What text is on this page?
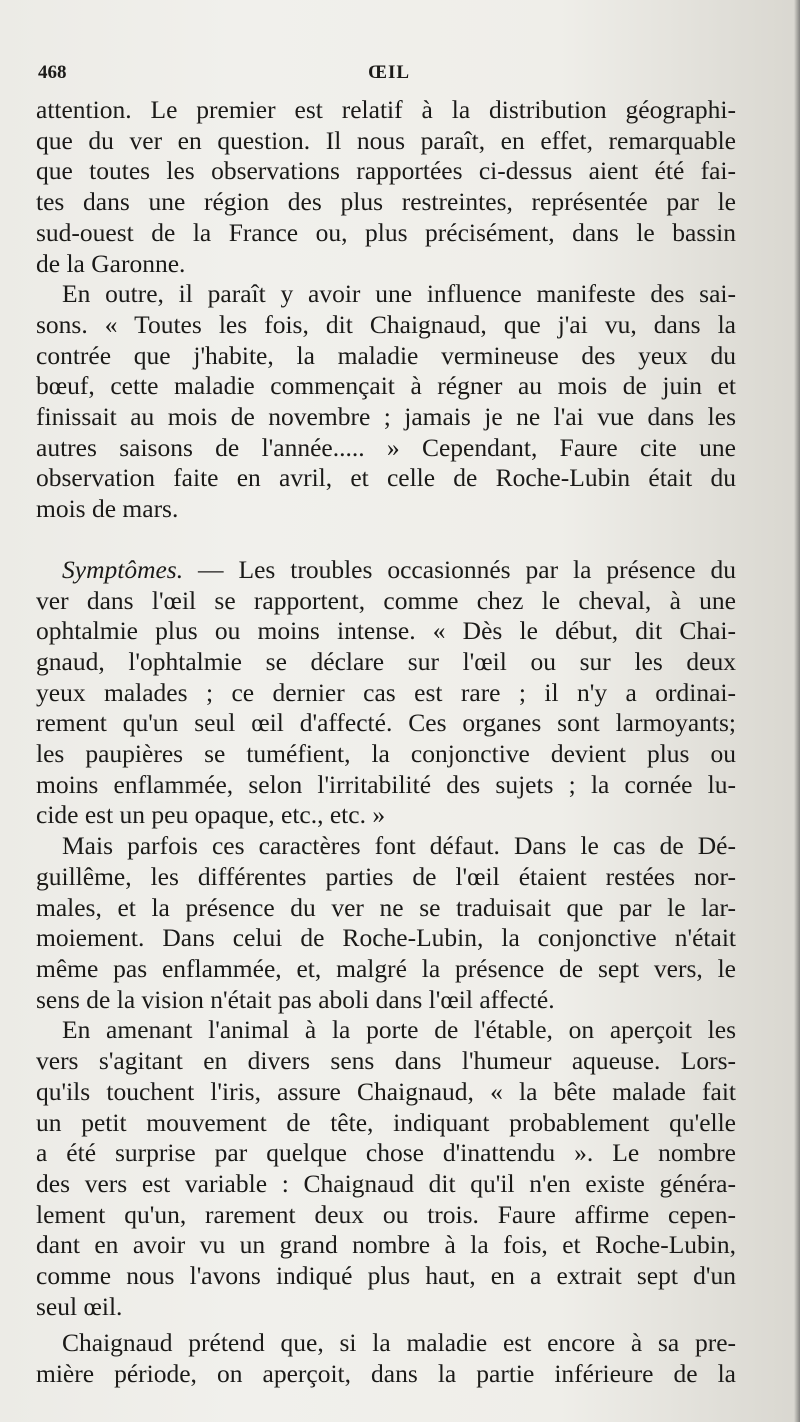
468	ŒIL

attention. Le premier est relatif à la distribution géographi-
que du ver en question. Il nous paraît, en effet, remarquable
que toutes les observations rapportées ci-dessus aient été fai-
tes dans une région des plus restreintes, représentée par le
sud-ouest de la France ou, plus précisément, dans le bassin
de la Garonne.

En outre, il paraît y avoir une influence manifeste des sai-
sons. « Toutes les fois, dit Chaignaud, que j'ai vu, dans la
contrée que j'habite, la maladie vermineuse des yeux du
bœuf, cette maladie commençait à régner au mois de juin et
finissait au mois de novembre ; jamais je ne l'ai vue dans les
autres saisons de l'année..... » Cependant, Faure cite une
observation faite en avril, et celle de Roche-Lubin était du
mois de mars.

Symptômes. — Les troubles occasionnés par la présence du
ver dans l'œil se rapportent, comme chez le cheval, à une
ophtalmie plus ou moins intense. « Dès le début, dit Chai-
gnaud, l'ophtalmie se déclare sur l'œil ou sur les deux
yeux malades ; ce dernier cas est rare ; il n'y a ordinai-
rement qu'un seul œil d'affecté. Ces organes sont larmoyants;
les paupières se tuméfient, la conjonctive devient plus ou
moins enflammée, selon l'irritabilité des sujets ; la cornée lu-
cide est un peu opaque, etc., etc. »

Mais parfois ces caractères font défaut. Dans le cas de Dé-
guillême, les différentes parties de l'œil étaient restées nor-
males, et la présence du ver ne se traduisait que par le lar-
moiement. Dans celui de Roche-Lubin, la conjonctive n'était
même pas enflammée, et, malgré la présence de sept vers, le
sens de la vision n'était pas aboli dans l'œil affecté.

En amenant l'animal à la porte de l'étable, on aperçoit les
vers s'agitant en divers sens dans l'humeur aqueuse. Lors-
qu'ils touchent l'iris, assure Chaignaud, « la bête malade fait
un petit mouvement de tête, indiquant probablement qu'elle
a été surprise par quelque chose d'inattendu ». Le nombre
des vers est variable : Chaignaud dit qu'il n'en existe généra-
lement qu'un, rarement deux ou trois. Faure affirme cepen-
dant en avoir vu un grand nombre à la fois, et Roche-Lubin,
comme nous l'avons indiqué plus haut, en a extrait sept d'un
seul œil.

Chaignaud prétend que, si la maladie est encore à sa pre-
mière période, on aperçoit, dans la partie inférieure de la
